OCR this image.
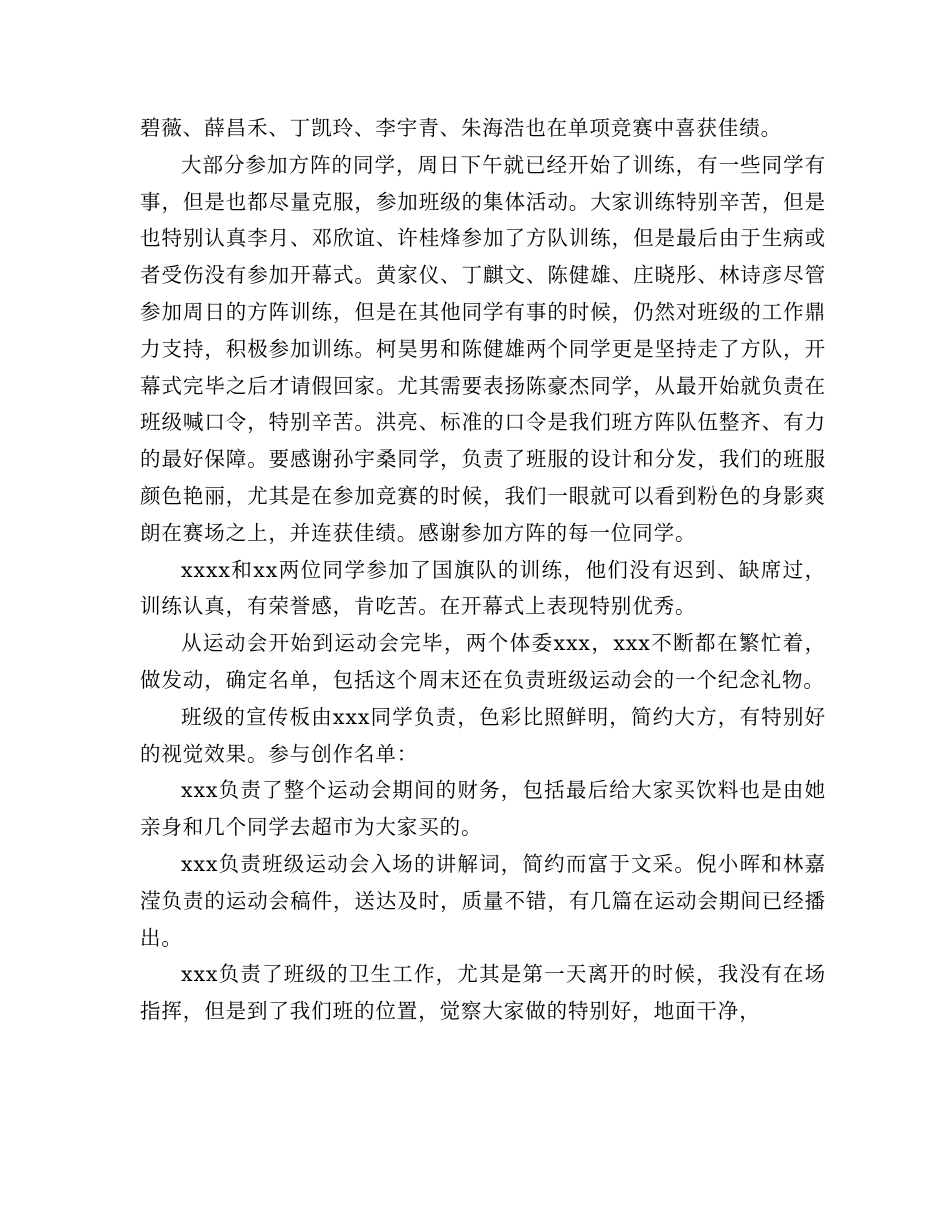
碧薇、薛昌禾、丁凯玲、李宇青、朱海浩也在单项竞赛中喜获佳绩。

大部分参加方阵的同学，周日下午就已经开始了训练，有一些同学有事，但是也都尽量克服，参加班级的集体活动。大家训练特别辛苦，但是也特别认真李月、邓欣谊、许桂烽参加了方队训练，但是最后由于生病或者受伤没有参加开幕式。黄家仪、丁麒文、陈健雄、庄晓彤、林诗彦尽管参加周日的方阵训练，但是在其他同学有事的时候，仍然对班级的工作鼎力支持，积极参加训练。柯昊男和陈健雄两个同学更是坚持走了方队，开幕式完毕之后才请假回家。尤其需要表扬陈豪杰同学，从最开始就负责在班级喊口令，特别辛苦。洪亮、标准的口令是我们班方阵队伍整齐、有力的最好保障。要感谢孙宇桑同学，负责了班服的设计和分发，我们的班服颜色艳丽，尤其是在参加竞赛的时候，我们一眼就可以看到粉色的身影爽朗在赛场之上，并连获佳绩。感谢参加方阵的每一位同学。

xxxx和xx两位同学参加了国旗队的训练，他们没有迟到、缺席过，训练认真，有荣誉感，肯吃苦。在开幕式上表现特别优秀。

从运动会开始到运动会完毕，两个体委xxx，xxx不断都在繁忙着，做发动，确定名单，包括这个周末还在负责班级运动会的一个纪念礼物。

班级的宣传板由xxx同学负责，色彩比照鲜明，简约大方，有特别好的视觉效果。参与创作名单：

xxx负责了整个运动会期间的财务，包括最后给大家买饮料也是由她亲身和几个同学去超市为大家买的。

xxx负责班级运动会入场的讲解词，简约而富于文采。倪小晖和林嘉滢负责的运动会稿件，送达及时，质量不错，有几篇在运动会期间已经播出。

xxx负责了班级的卫生工作，尤其是第一天离开的时候，我没有在场指挥，但是到了我们班的位置，觉察大家做的特别好，地面干净，
